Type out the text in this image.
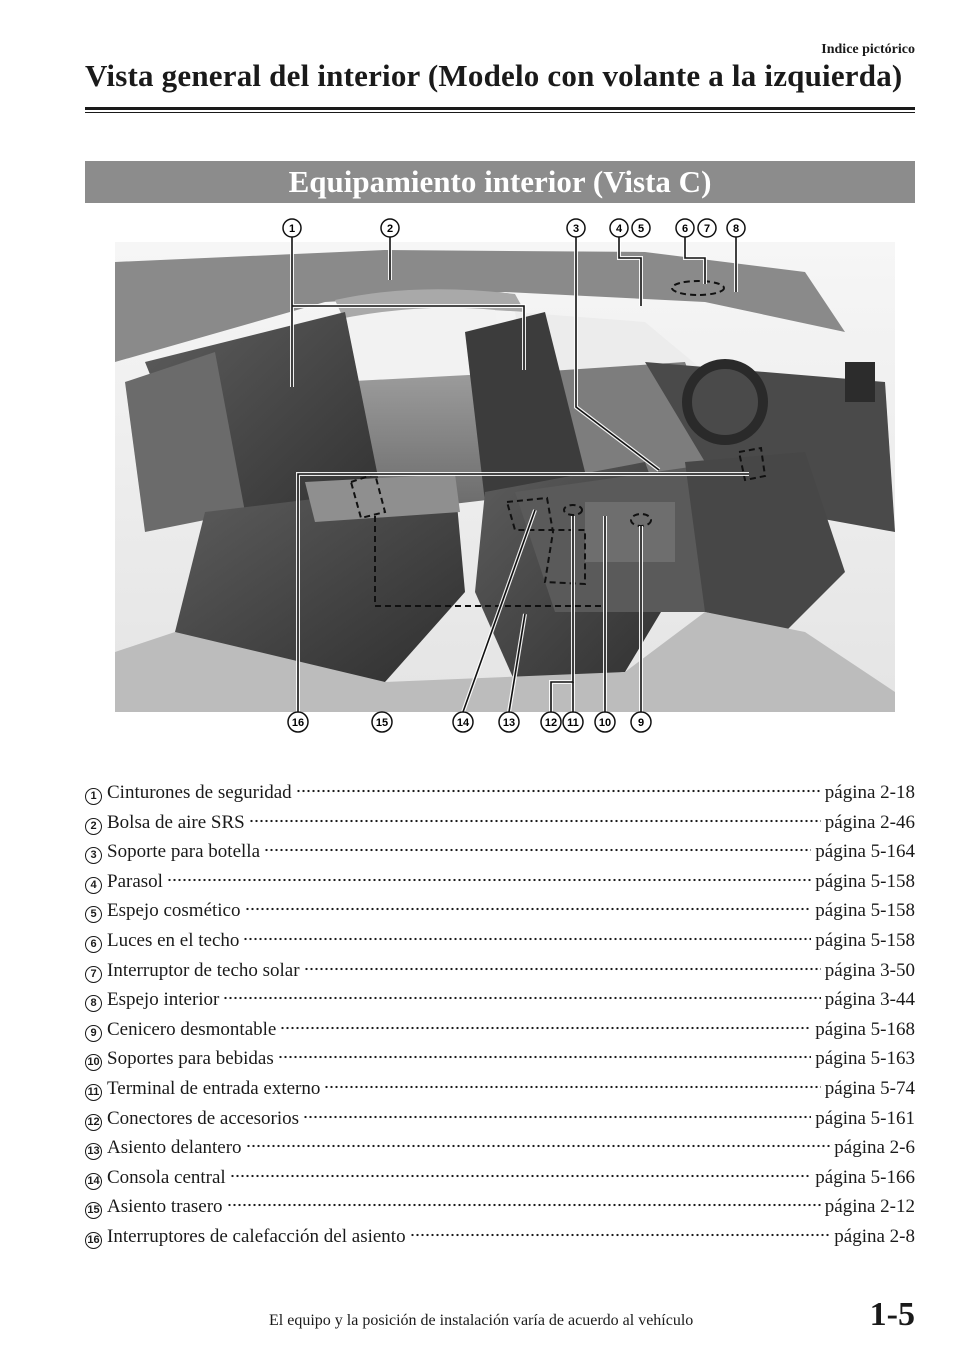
Indice pictórico
Vista general del interior (Modelo con volante a la izquierda)
Equipamiento interior (Vista C)
1	2	3	4 5	6 7 8
16	15	14	13	12 11 10 9
1 Cinturones de seguridad	página 2-18
2 Bolsa de aire SRS	página 2-46
3 Soporte para botella	página 5-164
4 Parasol	página 5-158
5 Espejo cosmético	página 5-158
6 Luces en el techo	página 5-158
7 Interruptor de techo solar	página 3-50
8 Espejo interior	página 3-44
9 Cenicero desmontable	página 5-168
10 Soportes para bebidas	página 5-163
11 Terminal de entrada externo	página 5-74
12 Conectores de accesorios	página 5-161
13 Asiento delantero	página 2-6
14 Consola central	página 5-166
15 Asiento trasero	página 2-12
16 Interruptores de calefacción del asiento	página 2-8
El equipo y la posición de instalación varía de acuerdo al vehículo	1-5
